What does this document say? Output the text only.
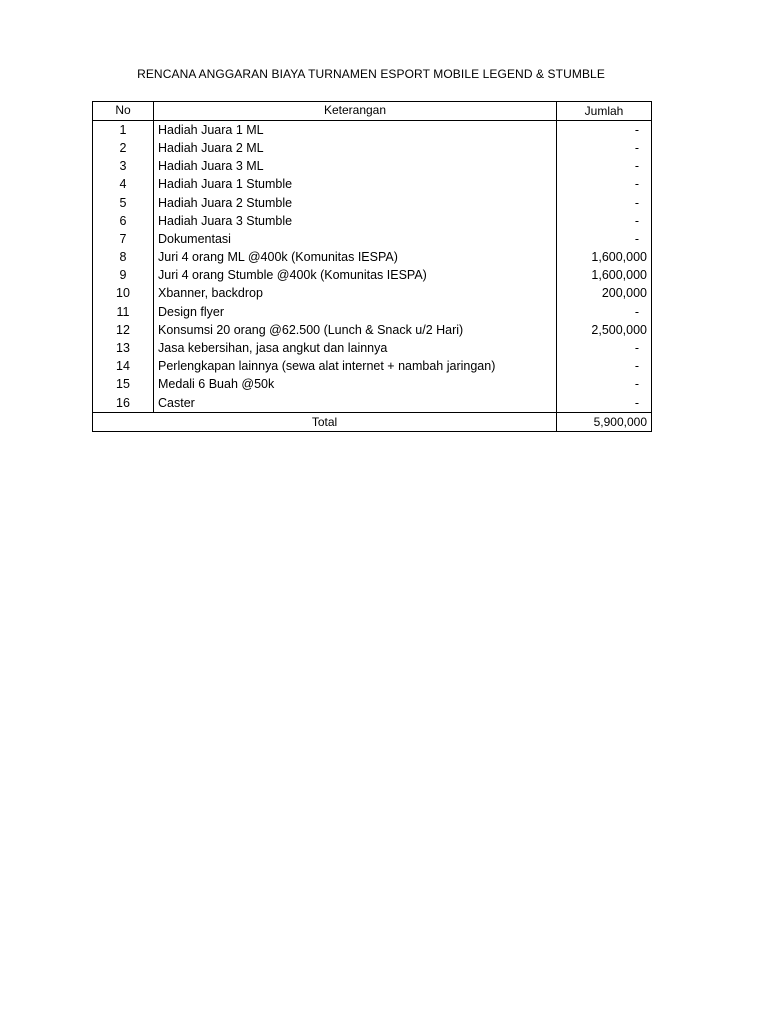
RENCANA ANGGARAN BIAYA TURNAMEN ESPORT MOBILE LEGEND & STUMBLE
No	Keterangan	Jumlah
1	Hadiah Juara 1 ML	-
2	Hadiah Juara 2 ML	-
3	Hadiah Juara 3 ML	-
4	Hadiah Juara 1 Stumble	-
5	Hadiah Juara 2 Stumble	-
6	Hadiah Juara 3 Stumble	-
7	Dokumentasi	-
8	Juri 4 orang ML @400k (Komunitas IESPA)	1,600,000
9	Juri 4 orang Stumble @400k (Komunitas IESPA)	1,600,000
10	Xbanner, backdrop	200,000
11	Design flyer	-
12	Konsumsi 20 orang @62.500 (Lunch & Snack u/2 Hari)	2,500,000
13	Jasa kebersihan, jasa angkut dan lainnya	-
14	Perlengkapan lainnya (sewa alat internet + nambah jaringan)	-
15	Medali 6 Buah @50k	-
16	Caster	-
Total		5,900,000
